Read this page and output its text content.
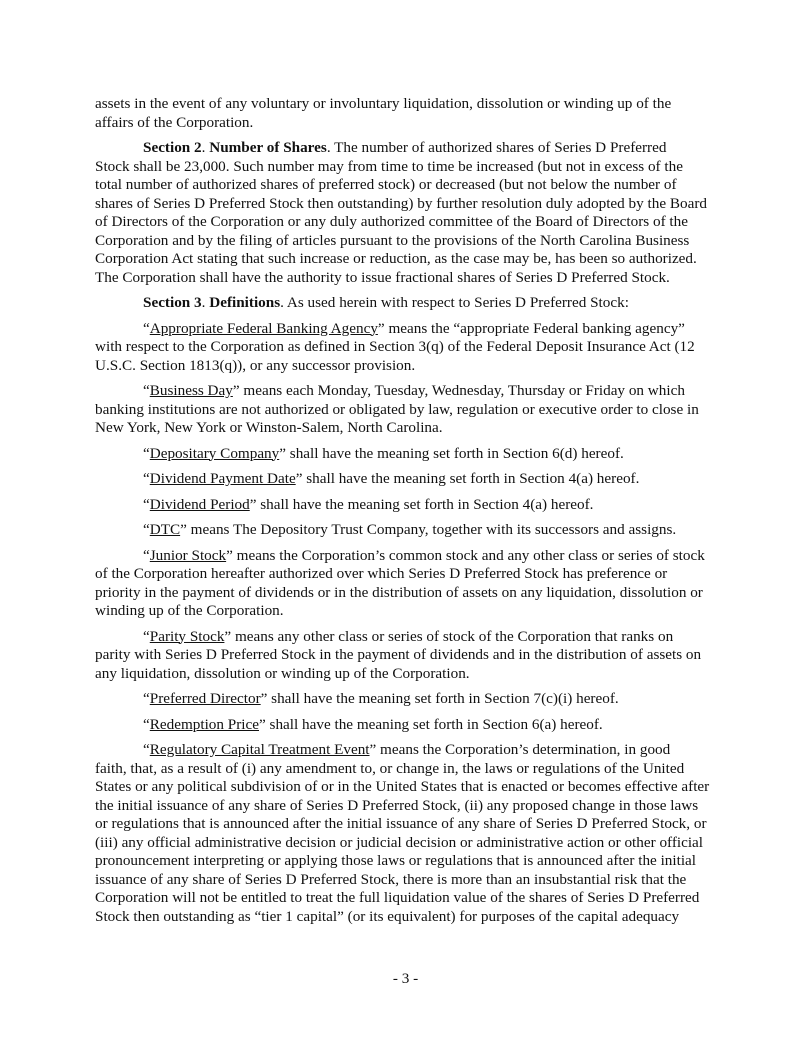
assets in the event of any voluntary or involuntary liquidation, dissolution or winding up of the
affairs of the Corporation.
Section 2. Number of Shares. The number of authorized shares of Series D Preferred
Stock shall be 23,000. Such number may from time to time be increased (but not in excess of the
total number of authorized shares of preferred stock) or decreased (but not below the number of
shares of Series D Preferred Stock then outstanding) by further resolution duly adopted by the Board
of Directors of the Corporation or any duly authorized committee of the Board of Directors of the
Corporation and by the filing of articles pursuant to the provisions of the North Carolina Business
Corporation Act stating that such increase or reduction, as the case may be, has been so authorized.
The Corporation shall have the authority to issue fractional shares of Series D Preferred Stock.
Section 3. Definitions. As used herein with respect to Series D Preferred Stock:
“Appropriate Federal Banking Agency” means the “appropriate Federal banking agency”
with respect to the Corporation as defined in Section 3(q) of the Federal Deposit Insurance Act (12
U.S.C. Section 1813(q)), or any successor provision.
“Business Day” means each Monday, Tuesday, Wednesday, Thursday or Friday on which
banking institutions are not authorized or obligated by law, regulation or executive order to close in
New York, New York or Winston-Salem, North Carolina.
“Depositary Company” shall have the meaning set forth in Section 6(d) hereof.
“Dividend Payment Date” shall have the meaning set forth in Section 4(a) hereof.
“Dividend Period” shall have the meaning set forth in Section 4(a) hereof.
“DTC” means The Depository Trust Company, together with its successors and assigns.
“Junior Stock” means the Corporation’s common stock and any other class or series of stock
of the Corporation hereafter authorized over which Series D Preferred Stock has preference or
priority in the payment of dividends or in the distribution of assets on any liquidation, dissolution or
winding up of the Corporation.
“Parity Stock” means any other class or series of stock of the Corporation that ranks on
parity with Series D Preferred Stock in the payment of dividends and in the distribution of assets on
any liquidation, dissolution or winding up of the Corporation.
“Preferred Director” shall have the meaning set forth in Section 7(c)(i) hereof.
“Redemption Price” shall have the meaning set forth in Section 6(a) hereof.
“Regulatory Capital Treatment Event” means the Corporation’s determination, in good
faith, that, as a result of (i) any amendment to, or change in, the laws or regulations of the United
States or any political subdivision of or in the United States that is enacted or becomes effective after
the initial issuance of any share of Series D Preferred Stock, (ii) any proposed change in those laws
or regulations that is announced after the initial issuance of any share of Series D Preferred Stock, or
(iii) any official administrative decision or judicial decision or administrative action or other official
pronouncement interpreting or applying those laws or regulations that is announced after the initial
issuance of any share of Series D Preferred Stock, there is more than an insubstantial risk that the
Corporation will not be entitled to treat the full liquidation value of the shares of Series D Preferred
Stock then outstanding as “tier 1 capital” (or its equivalent) for purposes of the capital adequacy
- 3 -
